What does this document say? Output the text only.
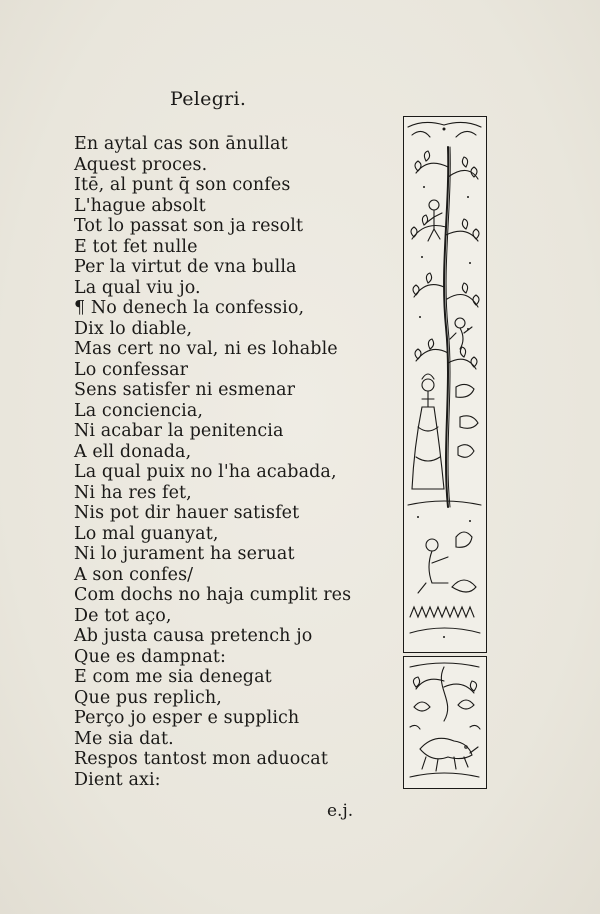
Pelegri.
En aytal cas son ānullat
Aquest proces.
Itē, al punt q̄ son confes
L'hague absolt
Tot lo passat son ja resolt
E tot fet nulle
Per la virtut de vna bulla
La qual viu jo.
¶ No denech la confessio,
Dix lo diable,
Mas cert no val, ni es lohable
Lo confessar
Sens satisfer ni esmenar
La conciencia,
Ni acabar la penitencia
A ell donada,
La qual puix no l'ha acabada,
Ni ha res fet,
Nis pot dir hauer satisfet
Lo mal guanyat,
Ni lo jurament ha seruat
A son confes/
Com dochs no haja cumplit res
De tot aço,
Ab justa causa pretench jo
Que es dampnat:
E com me sia denegat
Que pus replich,
Perço jo esper e supplich
Me sia dat.
Respos tantost mon aduocat
Dient axi:
e.j.
